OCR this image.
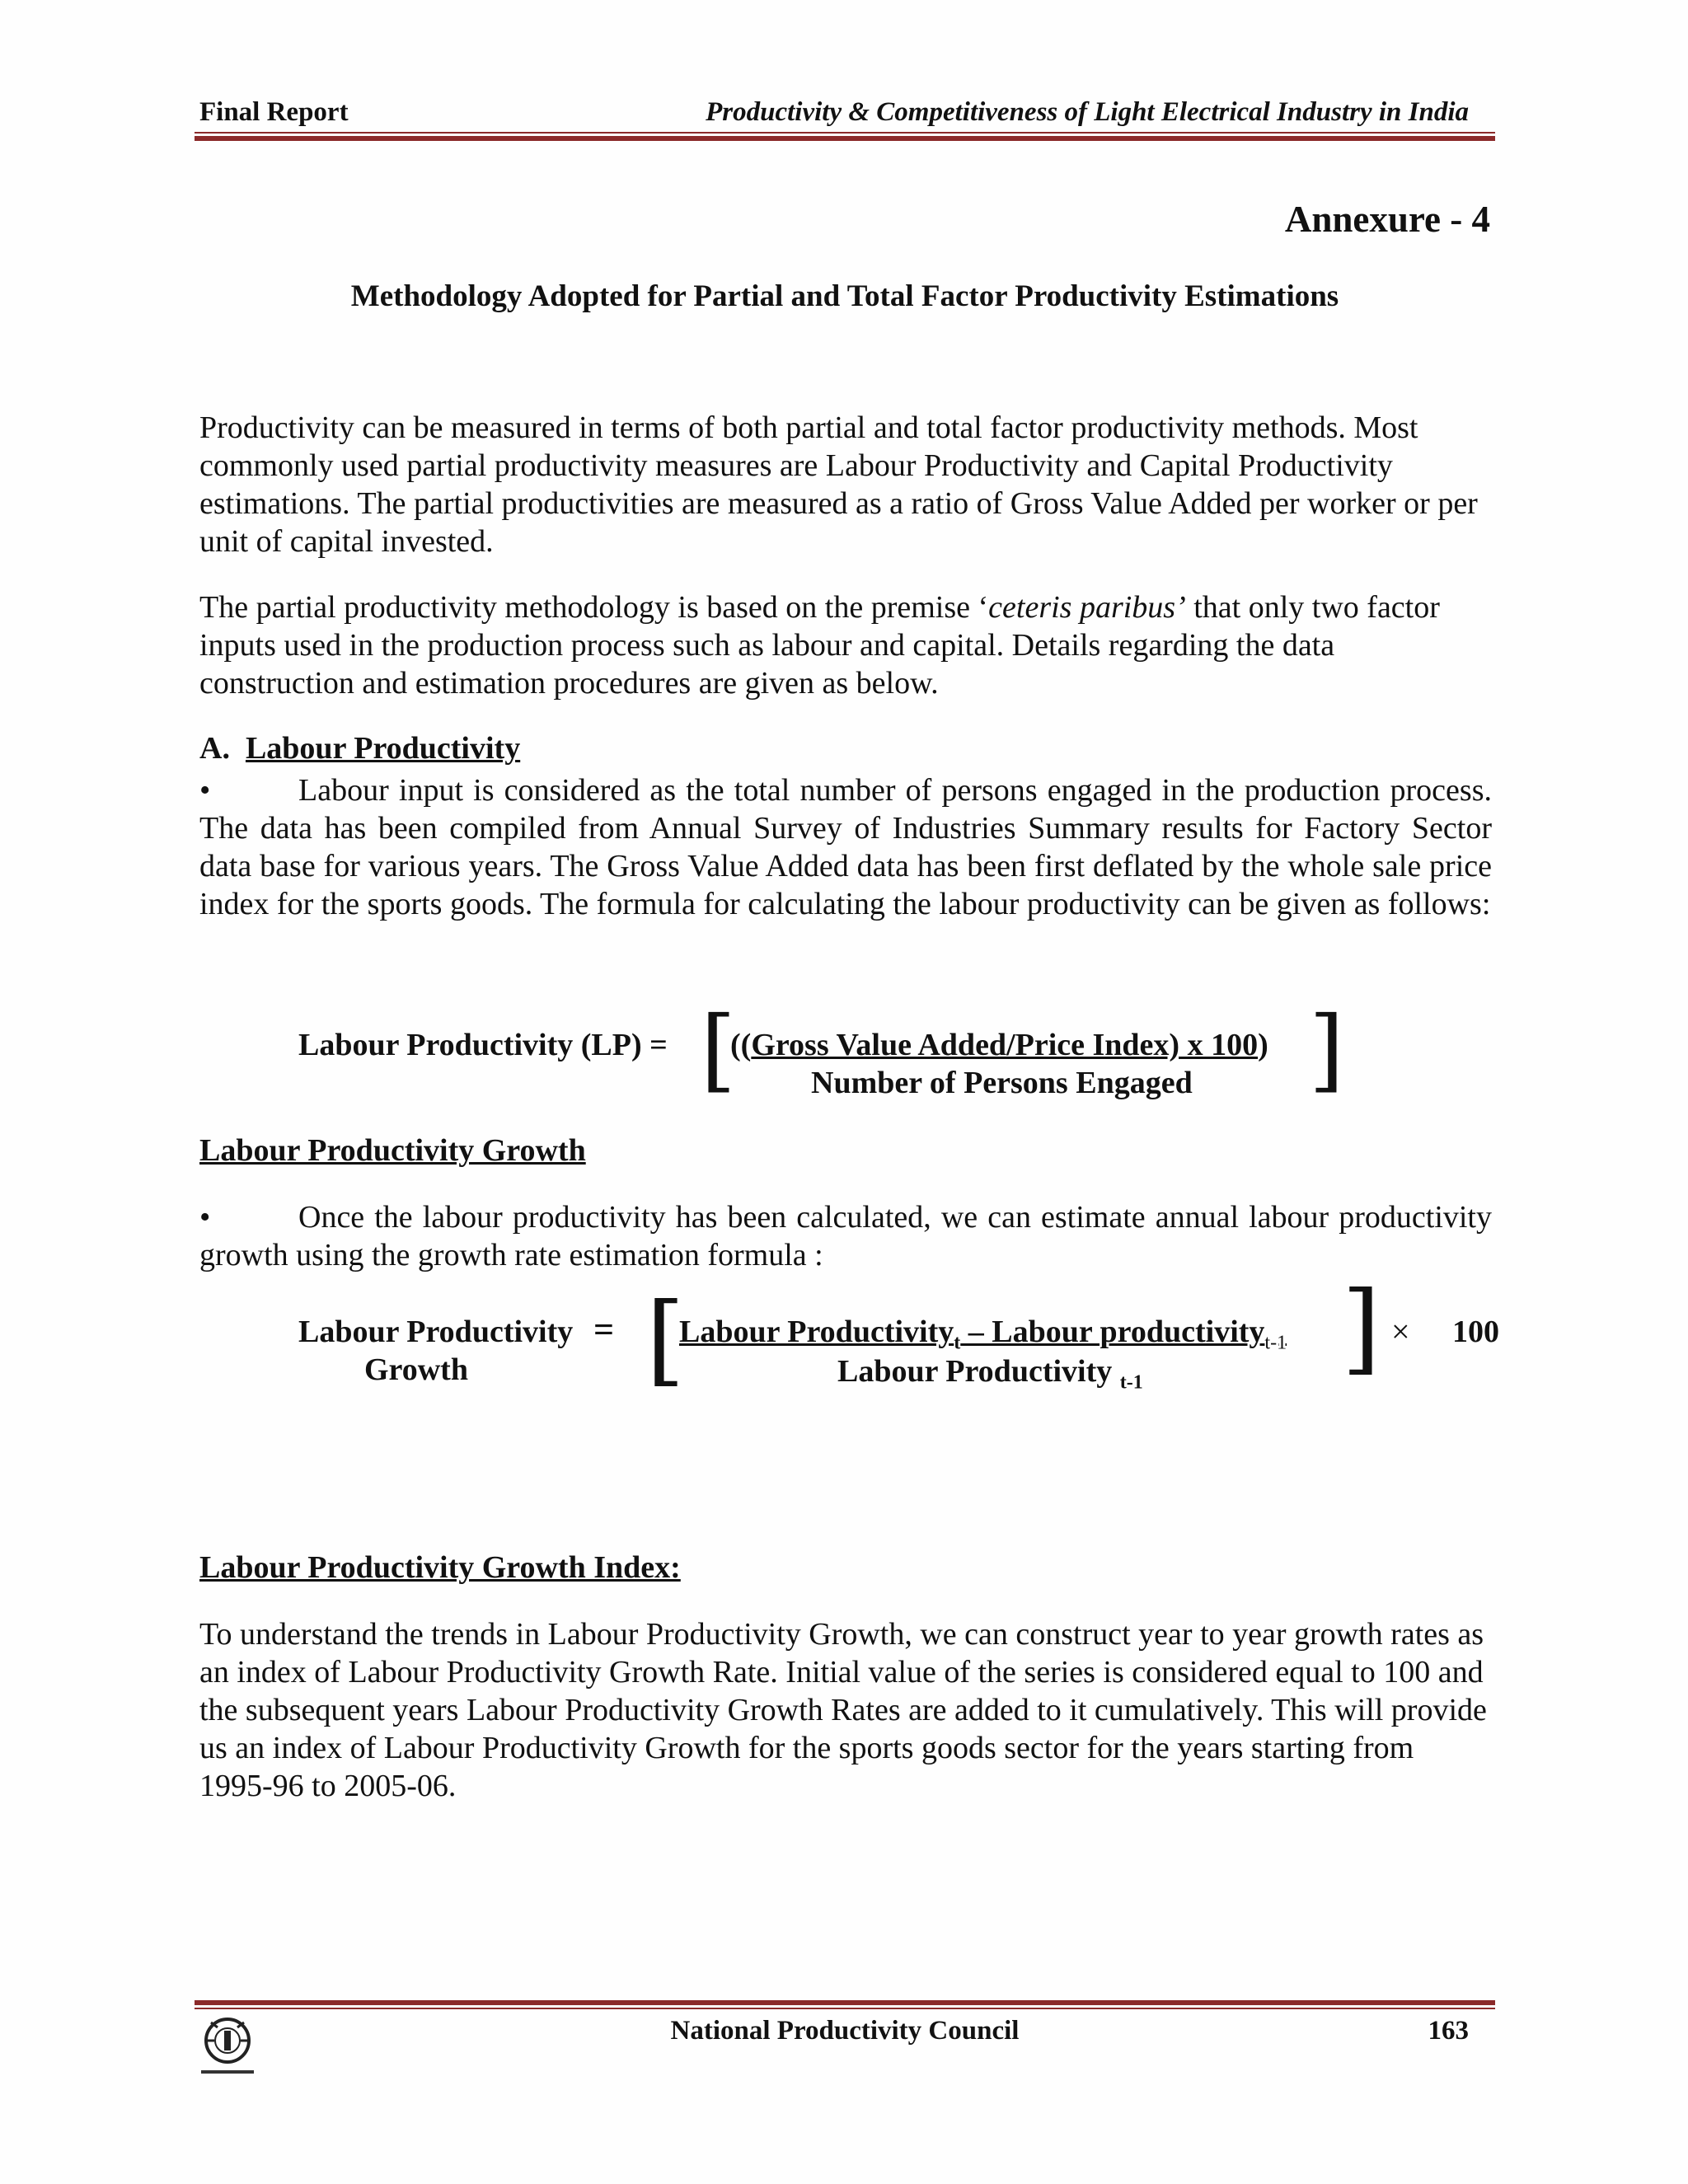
Final Report	Productivity & Competitiveness of Light Electrical Industry in India
Annexure - 4
Methodology Adopted for Partial and Total Factor Productivity Estimations
Productivity can be measured in terms of both partial and total factor productivity methods. Most commonly used partial productivity measures are Labour Productivity and Capital Productivity estimations. The partial productivities are measured as a ratio of Gross Value Added per worker or per unit of capital invested.
The partial productivity methodology is based on the premise ‘ceteris paribus’ that only two factor inputs used in the production process such as labour and capital. Details regarding the data construction and estimation procedures are given as below.
A. Labour Productivity
•	Labour input is considered as the total number of persons engaged in the production process. The data has been compiled from Annual Survey of Industries Summary results for Factory Sector data base for various years. The Gross Value Added data has been first deflated by the whole sale price index for the sports goods. The formula for calculating the labour productivity can be given as follows:
Labour Productivity (LP) = [
((Gross Value Added/Price Index) x 100)
Number of Persons Engaged ]
Labour Productivity Growth
•	Once the labour productivity has been calculated, we can estimate annual labour productivity growth using the growth rate estimation formula :
Labour Productivity =
Growth [
Labour Productivity$_t$ – Labour productivity$_{t-1}$
Labour Productivity $_{t-1}$ ] × 100
Labour Productivity Growth Index:
To understand the trends in Labour Productivity Growth, we can construct year to year growth rates as an index of Labour Productivity Growth Rate. Initial value of the series is considered equal to 100 and the subsequent years Labour Productivity Growth Rates are added to it cumulatively. This will provide us an index of Labour Productivity Growth for the sports goods sector for the years starting from 1995-96 to 2005-06.
National Productivity Council	163
